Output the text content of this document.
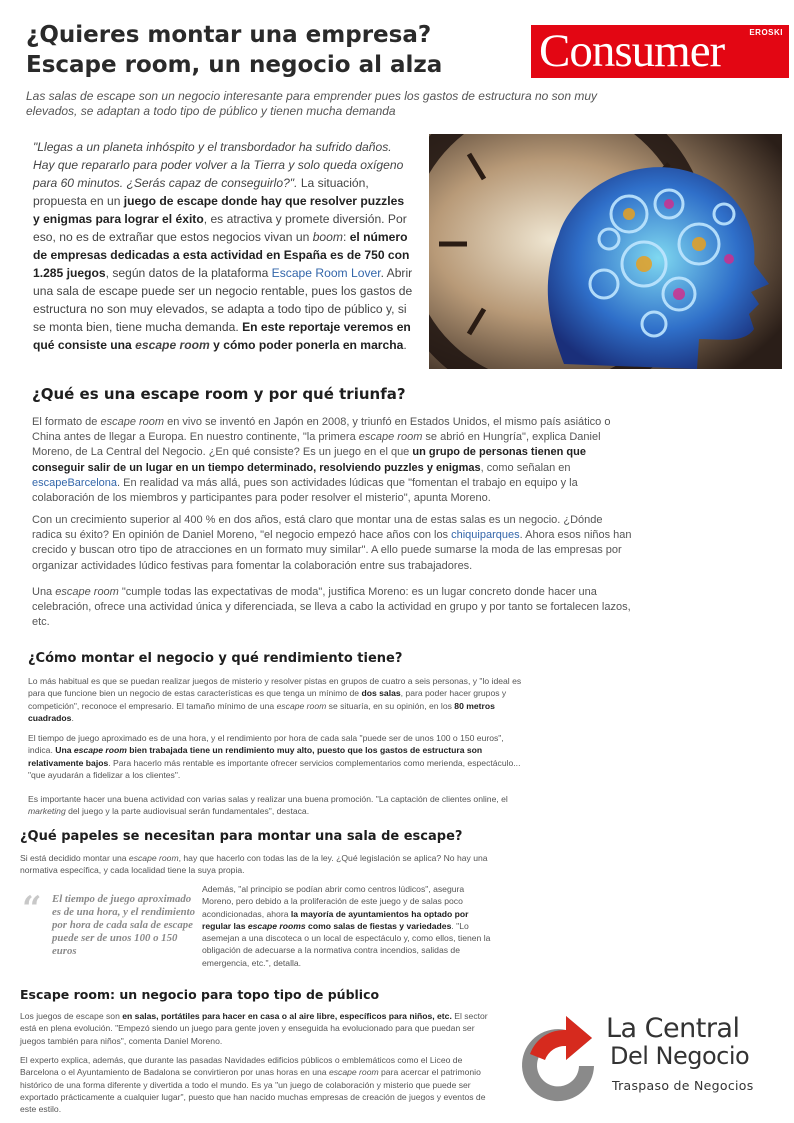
¿Quieres montar una empresa? Escape room, un negocio al alza	Consumer	EROSKI

Las salas de escape son un negocio interesante para emprender pues los gastos de estructura no son muy elevados, se adaptan a todo tipo de público y tienen mucha demanda

"Llegas a un planeta inhóspito y el transbordador ha sufrido daños. Hay que repararlo para poder volver a la Tierra y solo queda oxígeno para 60 minutos. ¿Serás capaz de conseguirlo?". La situación, propuesta en un juego de escape donde hay que resolver puzzles y enigmas para lograr el éxito, es atractiva y promete diversión. Por eso, no es de extrañar que estos negocios vivan un boom: el número de empresas dedicadas a esta actividad en España es de 750 con 1.285 juegos, según datos de la plataforma Escape Room Lover. Abrir una sala de escape puede ser un negocio rentable, pues los gastos de estructura no son muy elevados, se adapta a todo tipo de público y, si se monta bien, tiene mucha demanda. En este reportaje veremos en qué consiste una escape room y cómo poder ponerla en marcha.

¿Qué es una escape room y por qué triunfa?

El formato de escape room en vivo se inventó en Japón en 2008, y triunfó en Estados Unidos, el mismo país asiático o China antes de llegar a Europa. En nuestro continente, "la primera escape room se abrió en Hungría", explica Daniel Moreno, de La Central del Negocio. ¿En qué consiste? Es un juego en el que un grupo de personas tienen que conseguir salir de un lugar en un tiempo determinado, resolviendo puzzles y enigmas, como señalan en escapeBarcelona. En realidad va más allá, pues son actividades lúdicas que "fomentan el trabajo en equipo y la colaboración de los miembros y participantes para poder resolver el misterio", apunta Moreno.

Con un crecimiento superior al 400 % en dos años, está claro que montar una de estas salas es un negocio. ¿Dónde radica su éxito? En opinión de Daniel Moreno, "el negocio empezó hace años con los chiquiparques. Ahora esos niños han crecido y buscan otro tipo de atracciones en un formato muy similar". A ello puede sumarse la moda de las empresas por organizar actividades lúdico festivas para fomentar la colaboración entre sus trabajadores.

Una escape room "cumple todas las expectativas de moda", justifica Moreno: es un lugar concreto donde hacer una celebración, ofrece una actividad única y diferenciada, se lleva a cabo la actividad en grupo y por tanto se fortalecen lazos, etc.

¿Cómo montar el negocio y qué rendimiento tiene?

Lo más habitual es que se puedan realizar juegos de misterio y resolver pistas en grupos de cuatro a seis personas, y "lo ideal es para que funcione bien un negocio de estas características es que tenga un mínimo de dos salas, para poder hacer grupos y competición", reconoce el empresario. El tamaño mínimo de una escape room se situaría, en su opinión, en los 80 metros cuadrados.

El tiempo de juego aproximado es de una hora, y el rendimiento por hora de cada sala "puede ser de unos 100 o 150 euros", indica. Una escape room bien trabajada tiene un rendimiento muy alto, puesto que los gastos de estructura son relativamente bajos. Para hacerlo más rentable es importante ofrecer servicios complementarios como merienda, espectáculo... "que ayudarán a fidelizar a los clientes".

Es importante hacer una buena actividad con varias salas y realizar una buena promoción. "La captación de clientes online, el marketing del juego y la parte audiovisual serán fundamentales", destaca.

¿Qué papeles se necesitan para montar una sala de escape?

Si está decidido montar una escape room, hay que hacerlo con todas las de la ley. ¿Qué legislación se aplica? No hay una normativa específica, y cada localidad tiene la suya propia.

“ El tiempo de juego aproximado es de una hora, y el rendimiento por hora de cada sala de escape puede ser de unos 100 o 150 euros

Además, "al principio se podían abrir como centros lúdicos", asegura Moreno, pero debido a la proliferación de este juego y de salas poco acondicionadas, ahora la mayoría de ayuntamientos ha optado por regular las escape rooms como salas de fiestas y variedades. "Lo asemejan a una discoteca o un local de espectáculo y, como ellos, tienen la obligación de adecuarse a la normativa contra incendios, salidas de emergencia, etc.", detalla.

Escape room: un negocio para topo tipo de público

Los juegos de escape son en salas, portátiles para hacer en casa o al aire libre, específicos para niños, etc. El sector está en plena evolución. "Empezó siendo un juego para gente joven y enseguida ha evolucionado para que puedan ser juegos también para niños", comenta Daniel Moreno.

El experto explica, además, que durante las pasadas Navidades edificios públicos o emblemáticos como el Liceo de Barcelona o el Ayuntamiento de Badalona se convirtieron por unas horas en una escape room para acercar el patrimonio histórico de una forma diferente y divertida a todo el mundo. Es ya "un juego de colaboración y misterio que puede ser exportado prácticamente a cualquier lugar", puesto que han nacido muchas empresas de creación de juegos y eventos de este estilo.

La Central
Del Negocio
Traspaso de Negocios
